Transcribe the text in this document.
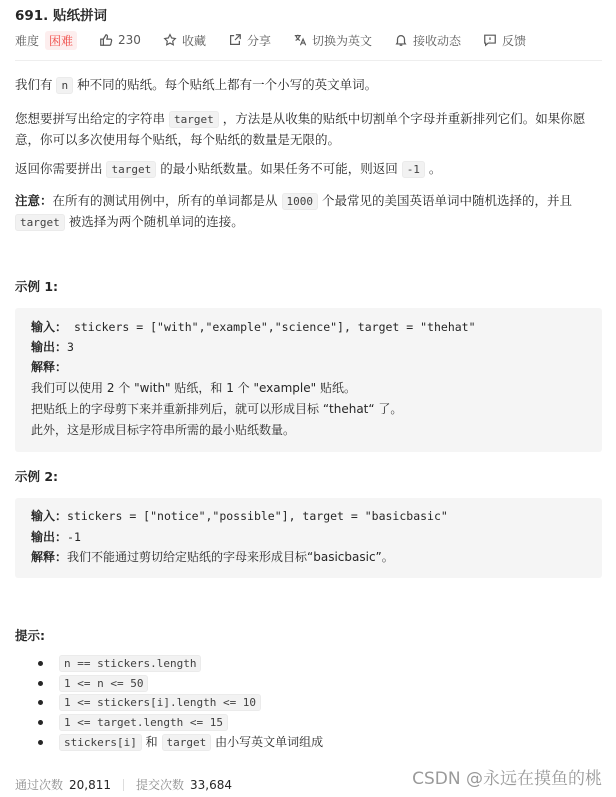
691. 贴纸拼词
难度 困难	230	收藏	分享	切换为英文	接收动态	反馈
我们有 n 种不同的贴纸。每个贴纸上都有一个小写的英文单词。
您想要拼写出给定的字符串 target ，方法是从收集的贴纸中切割单个字母并重新排列它们。如果你愿意，你可以多次使用每个贴纸，每个贴纸的数量是无限的。
返回你需要拼出 target 的最小贴纸数量。如果任务不可能，则返回 -1 。
注意：在所有的测试用例中，所有的单词都是从 1000 个最常见的美国英语单词中随机选择的，并且 target 被选择为两个随机单词的连接。
示例 1:
输入： stickers = ["with","example","science"], target = "thehat"
输出：3
解释：
我们可以使用 2 个 "with" 贴纸，和 1 个 "example" 贴纸。
把贴纸上的字母剪下来并重新排列后，就可以形成目标 “thehat“ 了。
此外，这是形成目标字符串所需的最小贴纸数量。
示例 2:
输入：stickers = ["notice","possible"], target = "basicbasic"
输出：-1
解释：我们不能通过剪切给定贴纸的字母来形成目标“basicbasic”。
提示:
n == stickers.length
1 <= n <= 50
1 <= stickers[i].length <= 10
1 <= target.length <= 15
stickers[i] 和 target 由小写英文单词组成
通过次数 20,811 提交次数 33,684	CSDN @永远在摸鱼的桃
